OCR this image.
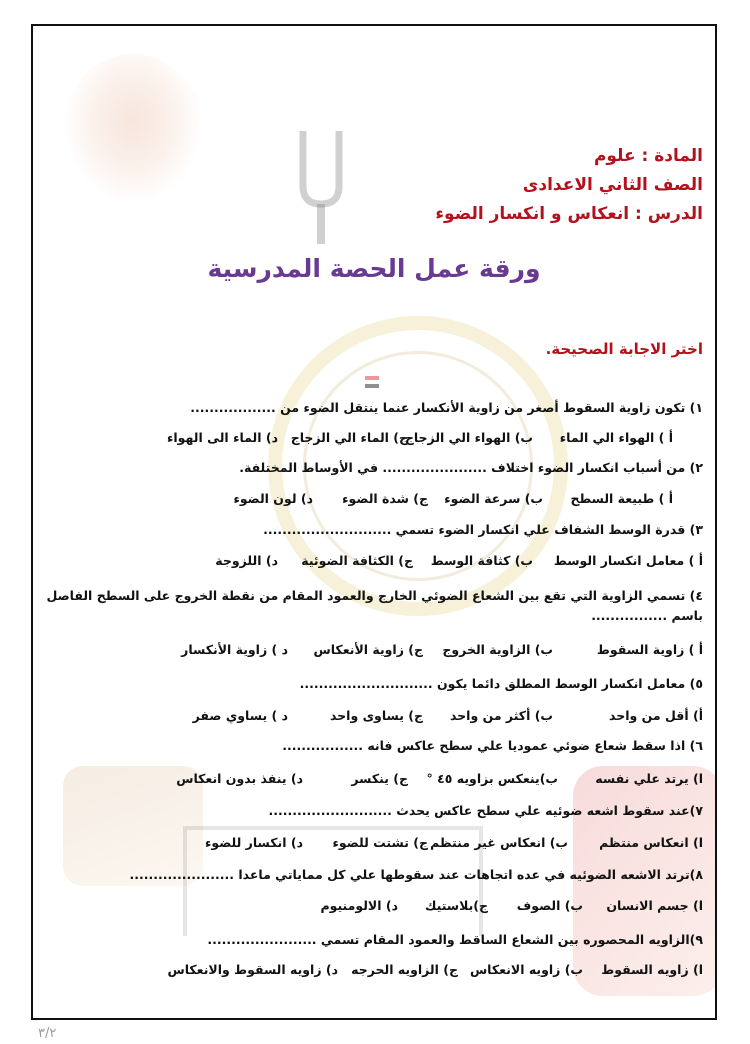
المادة : علوم
الصف الثاني الاعدادى
الدرس : انعكاس و انكسار الضوء
ورقة عمل الحصة المدرسية
اختر الاجابة الصحيحة.
١) تكون زاوية السقوط أصغر من زاوية الأنكسار عنما ينتقل الضوء من ..................
أ ) الهواء الي الماء
ب) الهواء الي الزجاج
ج) الماء الي الزجاج
د) الماء الى الهواء
٢) من أسباب انكسار الضوء اختلاف ...................... في الأوساط المختلفة.
أ ) طبيعة السطح
ب) سرعة الضوء
ج) شدة الضوء
د) لون الضوء
٣) قدرة الوسط الشفاف علي انكسار الضوء تسمي ...........................
أ ) معامل انكسار الوسط
ب) كثافة الوسط
ج) الكثافة الضوئية
د) اللزوجة
٤) تسمي الزاوية التي تقع بين الشعاع الضوئي الخارج والعمود المقام من نقطة الخروج على السطح الفاصل باسم ................
أ ) زاوية السقوط
ب) الزاوية الخروج
ج) زاوية الأنعكاس
د ) زاوية الأنكسار
٥) معامل انكسار الوسط المطلق دائما يكون ............................
أ) أقل من واحد
ب) أكثر من واحد
ج) يساوى واحد
د ) يساوي صفر
٦) اذا سقط شعاع ضوئي عموديا علي سطح عاكس فانه .................
ا) يرتد علي نفسه
ب)ينعكس بزاويه ٤٥ °
ج) ينكسر
د) ينفذ بدون انعكاس
٧)عند سقوط اشعه ضوئيه علي سطح عاكس يحدث ..........................
ا) انعكاس منتظم
ب) انعكاس غير منتظم
ج) تشتت للضوء
د) انكسار للضوء
٨)ترتد الاشعه الضوئيه في عده اتجاهات عند سقوطها علي كل مماياتي ماعدا ......................
ا) جسم الانسان
ب) الصوف
ج)بلاستيك
د) الالومنيوم
٩)الزاويه المحصوره بين الشعاع الساقط والعمود المقام تسمي .......................
ا) زاويه السقوط
ب) زاويه الانعكاس
ج) الزاويه الحرجه
د) زاويه السقوط والانعكاس
٣/٢
